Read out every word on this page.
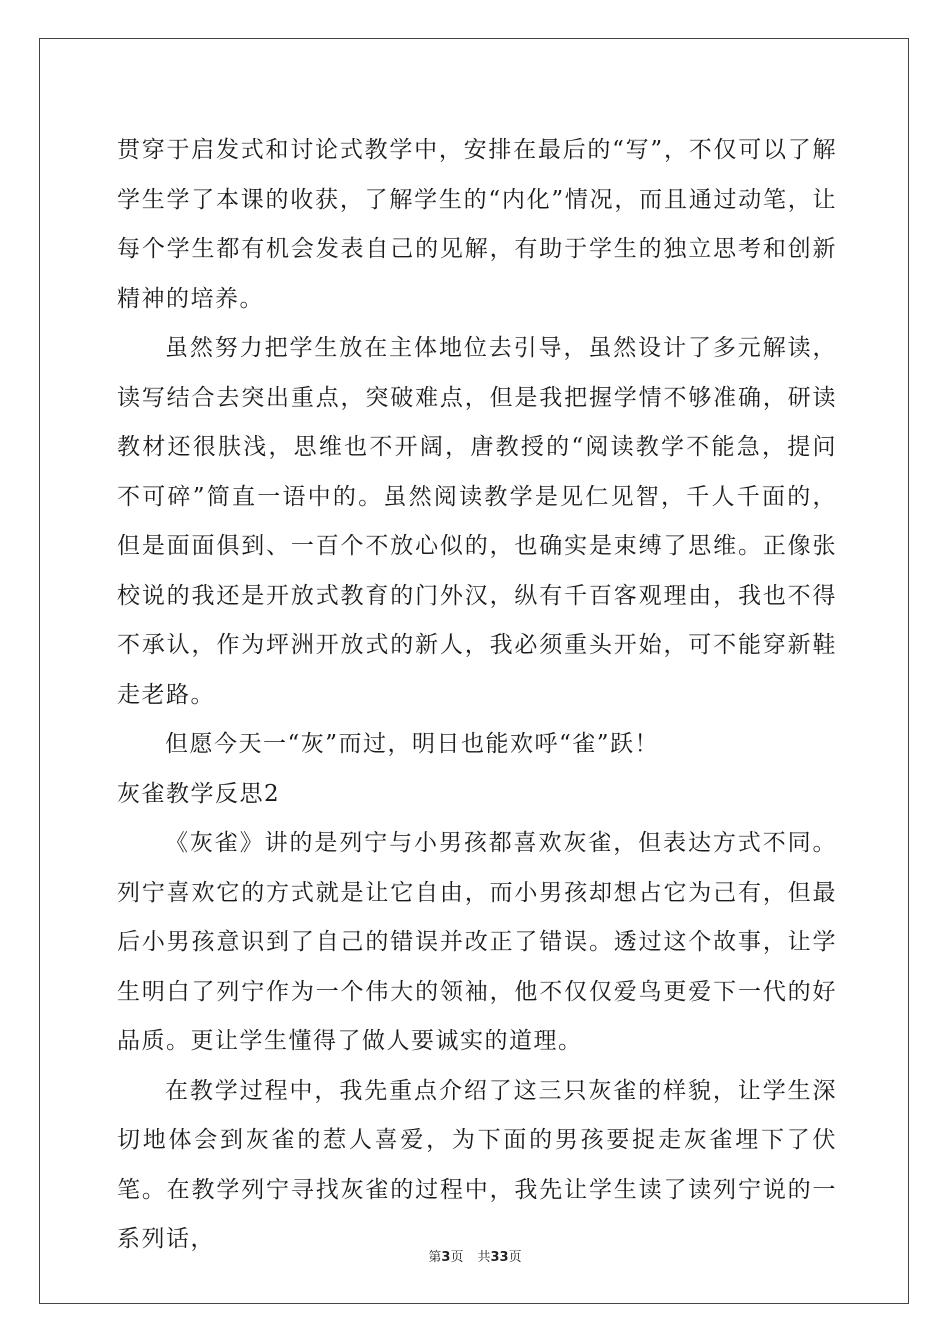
贯穿于启发式和讨论式教学中，安排在最后的“写”，不仅可以了解学生学了本课的收获，了解学生的“内化”情况，而且通过动笔，让每个学生都有机会发表自己的见解，有助于学生的独立思考和创新精神的培养。

虽然努力把学生放在主体地位去引导，虽然设计了多元解读，读写结合去突出重点，突破难点，但是我把握学情不够准确，研读教材还很肤浅，思维也不开阔，唐教授的“阅读教学不能急，提问不可碎”简直一语中的。虽然阅读教学是见仁见智，千人千面的，但是面面俱到、一百个不放心似的，也确实是束缚了思维。正像张校说的我还是开放式教育的门外汉，纵有千百客观理由，我也不得不承认，作为坪洲开放式的新人，我必须重头开始，可不能穿新鞋走老路。

但愿今天一“灰”而过，明日也能欢呼“雀”跃！

灰雀教学反思2

《灰雀》讲的是列宁与小男孩都喜欢灰雀，但表达方式不同。列宁喜欢它的方式就是让它自由，而小男孩却想占它为己有，但最后小男孩意识到了自己的错误并改正了错误。透过这个故事，让学生明白了列宁作为一个伟大的领袖，他不仅仅爱鸟更爱下一代的好品质。更让学生懂得了做人要诚实的道理。

在教学过程中，我先重点介绍了这三只灰雀的样貌，让学生深切地体会到灰雀的惹人喜爱，为下面的男孩要捉走灰雀埋下了伏笔。在教学列宁寻找灰雀的过程中，我先让学生读了读列宁说的一系列话，

第3页 共33页
